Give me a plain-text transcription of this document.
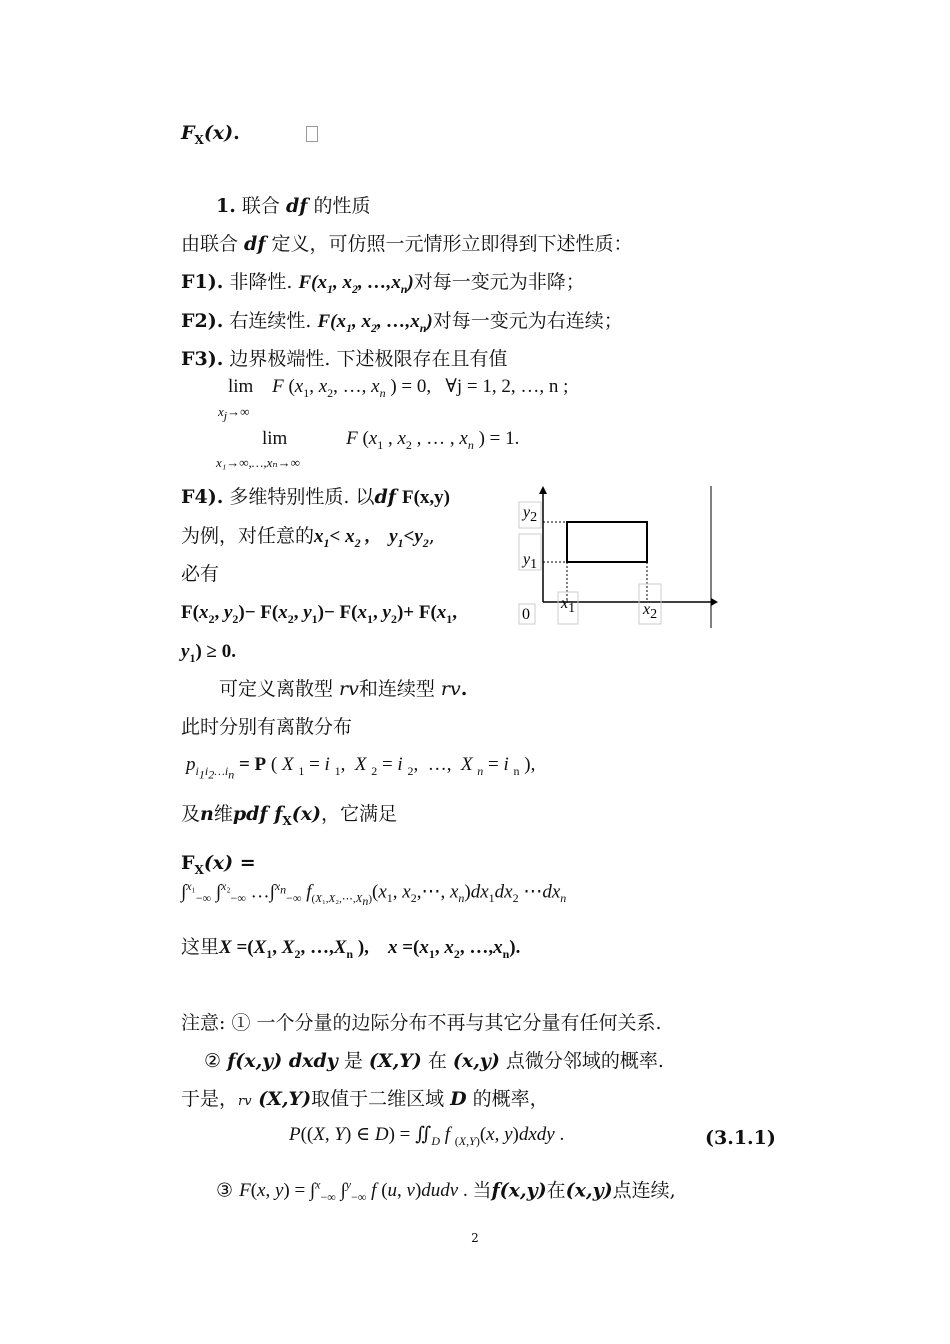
$F_X(x)$.
1. 联合 df 的性质
由联合 df 定义，可仿照一元情形立即得到下述性质：
F1). 非降性. $F(x_1$, $x_2$, $\dots,x_n$)对每一变元为非降；
F2). 右连续性. $F(x_1$, $x_2$, $\dots,x_n$)对每一变元为右连续；
F3). 边界极端性. 下述极限存在且有值
lim F ($x_1$, $x_2$, …, $x_n$ ) = 0,   ∀j = 1, 2, …, n ;
$x_j\to\infty$
lim	F ($x_1$ , $x_2$ , … , $x_n$ ) = 1.
x₁→∞,…,xₙ→∞
F4). 多维特别性质. 以df F(x,y)
为例，对任意的$x_1< x_2$ ,    $y_1<y_2$,
必有
$F(x_2$, $y_2)- F(x_2$, $y_1)- F(x_1$, $y_2)+ F(x_1$,
$y_1) \ge 0$.
y2
y1
0
x1	x2
可定义离散型 rv和连续型 rv.
此时分别有离散分布
$p_{i_1i_2\dots i_n} = P$ ( X $_1$ = i $_1$,  X $_2$ = i $_2$,  …,  X $_n$ = i $_n$ ),
及n维pdf $f_X(x)$，它满足
$F_X(x)$ =
∫$^{x_1}_{-\infty}$ ∫$^{x_2}_{-\infty}$ …∫$^{x_n}_{-\infty}$ $f_{(X_1,X_2,\cdots,X_n)}(x_1$, $x_2,\cdots$, $x_n)dx_1dx_2$ $\cdots dx_n$
这里$X =(X_1$, $X_2$, $\dots,X_n$ ),    $x =(x_1$, $x_2$, $\dots,x_n$).
注意: ① 一个分量的边际分布不再与其它分量有任何关系.
② f(x,y) dxdy 是 (X,Y) 在 (x,y) 点微分邻域的概率.
于是，rv (X,Y)取值于二维区域 D 的概率，
P((X, Y) ∈ $D) = ∬_D$ f $_{(X,Y)}$(x, y)dxdy .	(3.1.1)
③ F(x, y) = ∫$^x_{-\infty}$ ∫$^y_{-\infty}$ f (u, v)dudv . 当f(x,y)在(x,y)点连续,
2
